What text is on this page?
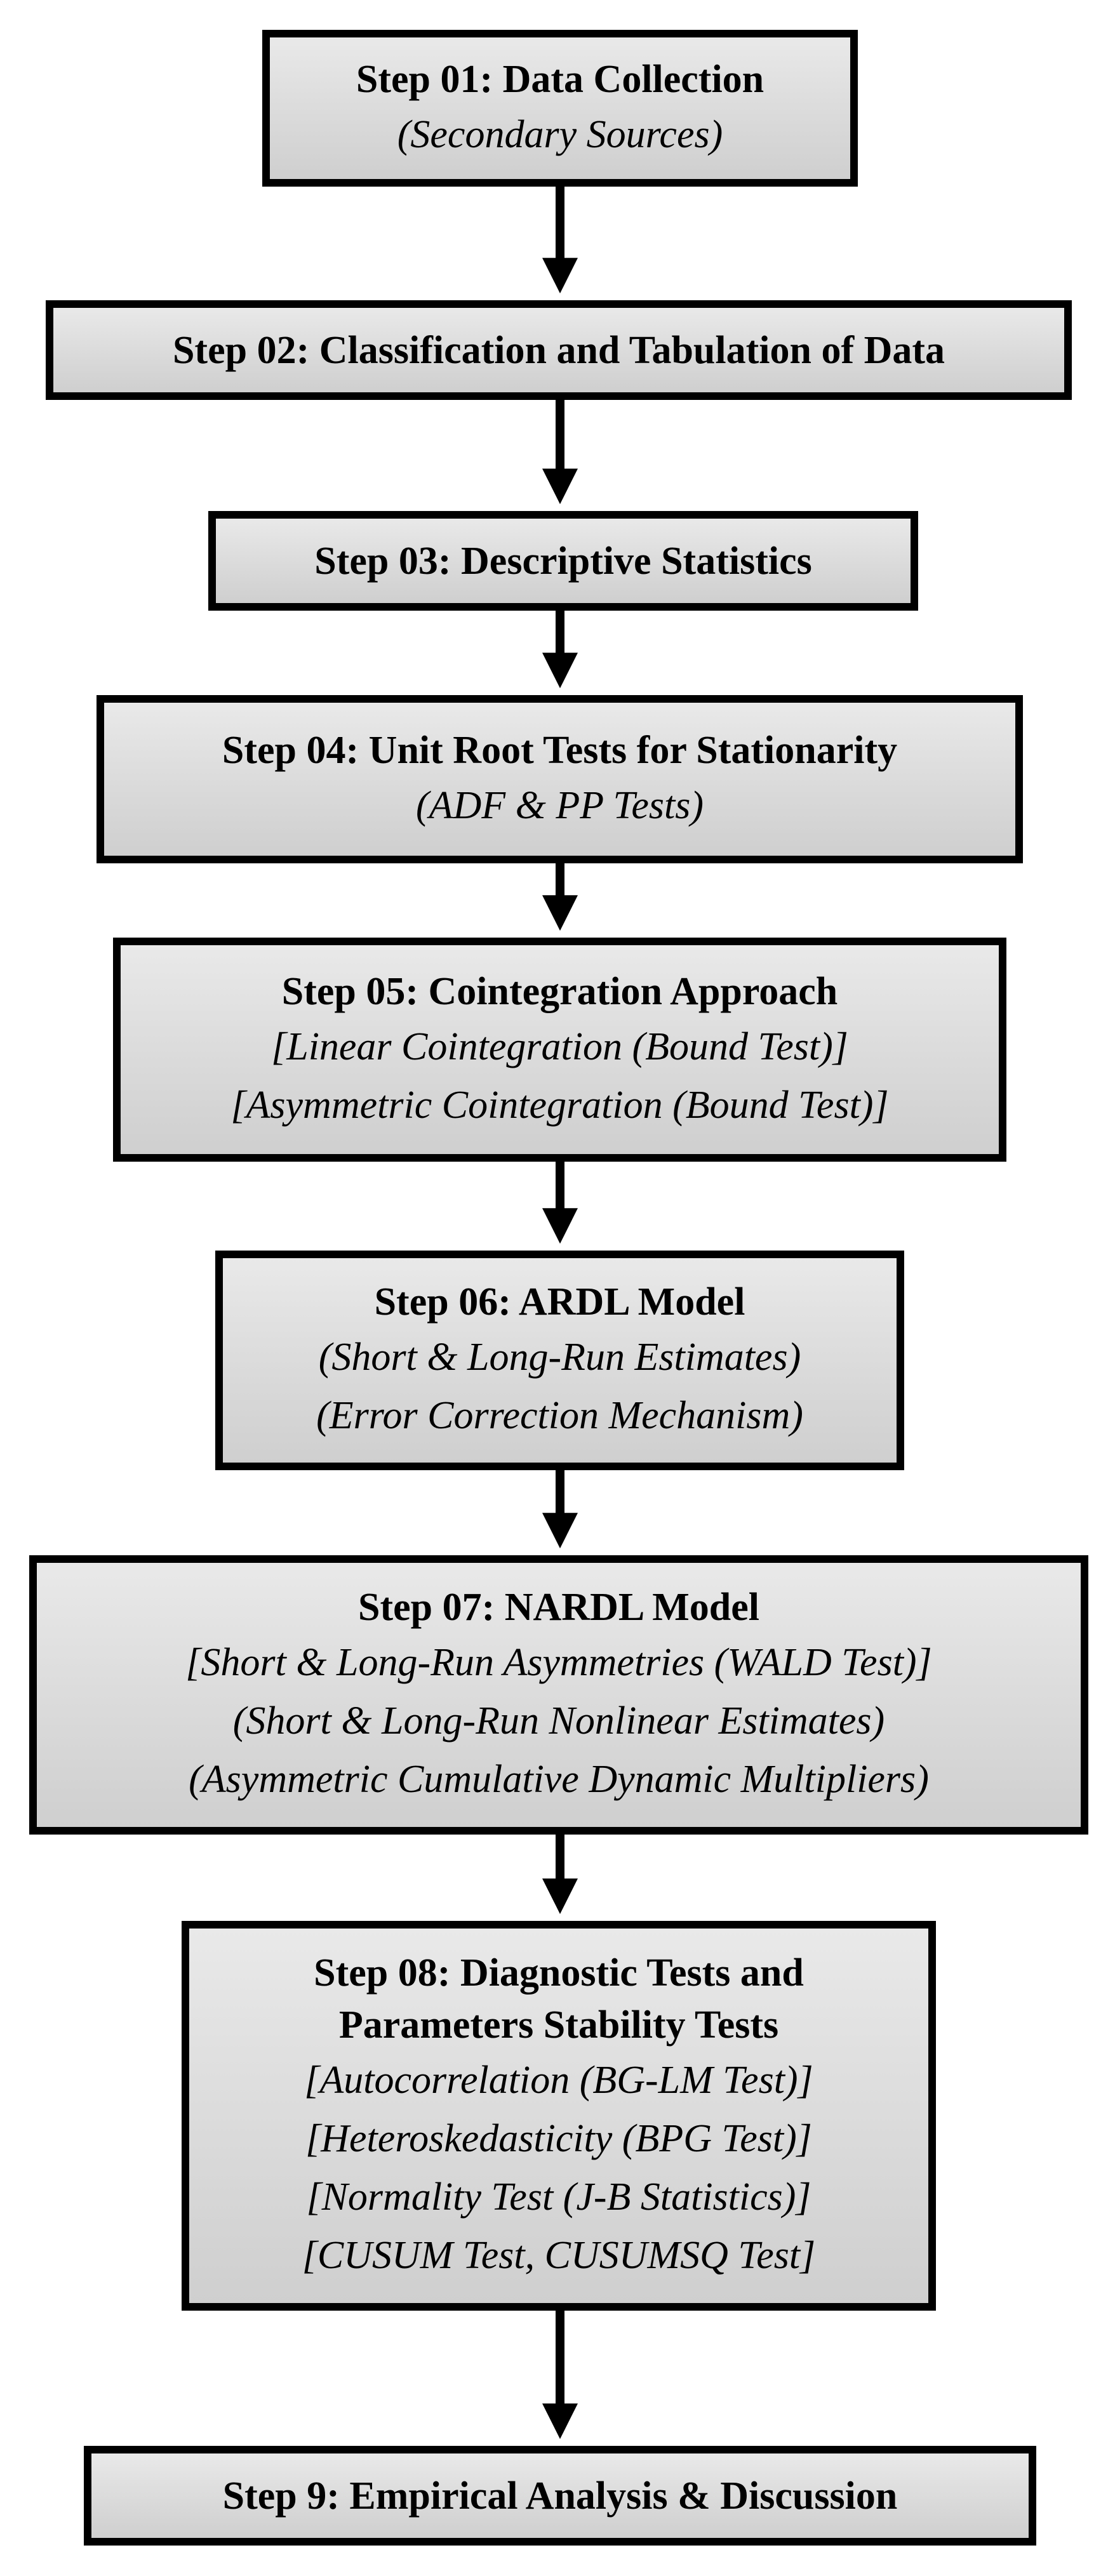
Step 01: Data Collection
(Secondary Sources)
Step 02: Classification and Tabulation of Data
Step 03: Descriptive Statistics
Step 04: Unit Root Tests for Stationarity
(ADF & PP Tests)
Step 05: Cointegration Approach
[Linear Cointegration (Bound Test)]
[Asymmetric Cointegration (Bound Test)]
Step 06: ARDL Model
(Short & Long-Run Estimates)
(Error Correction Mechanism)
Step 07: NARDL Model
[Short & Long-Run Asymmetries (WALD Test)]
(Short & Long-Run Nonlinear Estimates)
(Asymmetric Cumulative Dynamic Multipliers)
Step 08: Diagnostic Tests and
Parameters Stability Tests
[Autocorrelation (BG-LM Test)]
[Heteroskedasticity (BPG Test)]
[Normality Test (J-B Statistics)]
[CUSUM Test, CUSUMSQ Test]
Step 9: Empirical Analysis & Discussion
